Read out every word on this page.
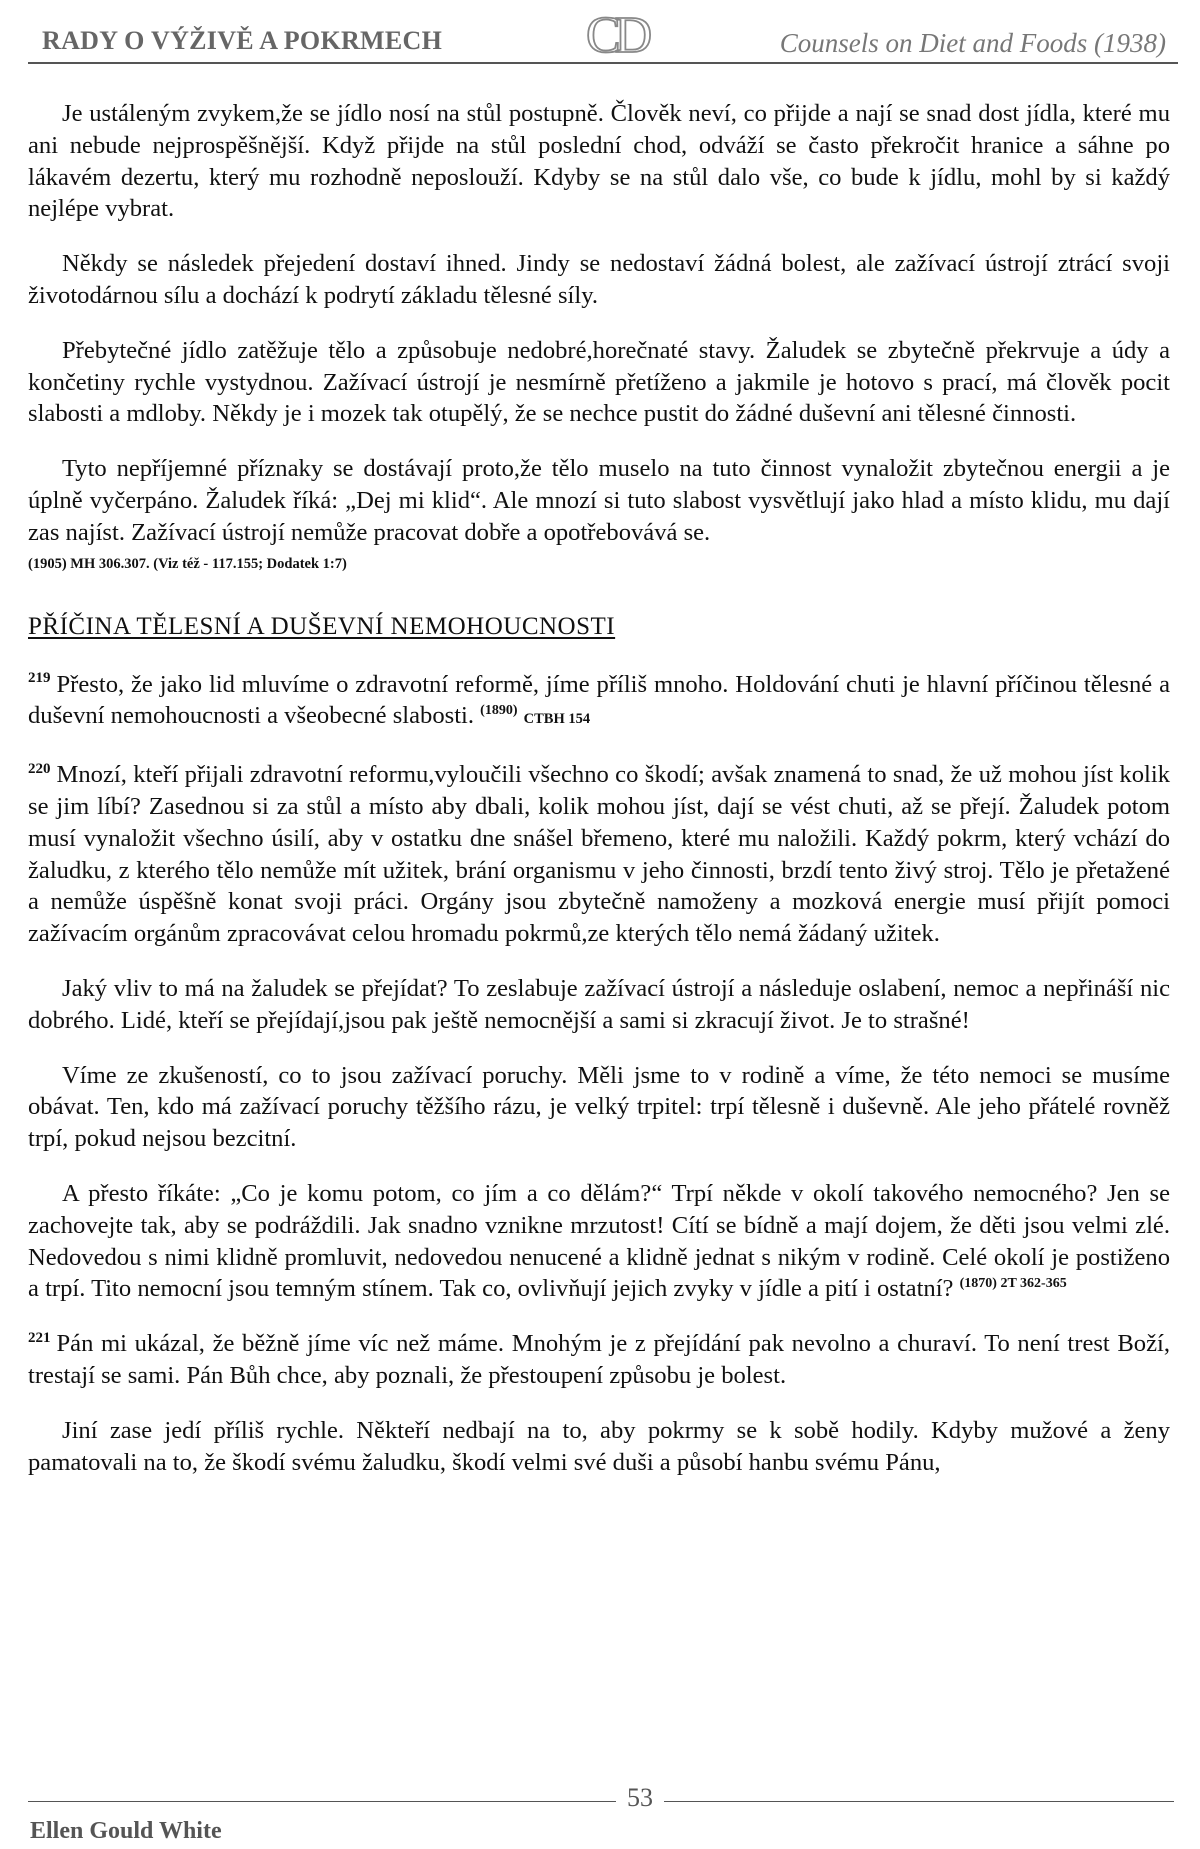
RADY O VÝŽIVĚ A POKRMECH	CD	Counsels on Diet and Foods (1938)

Je ustáleným zvykem,že se jídlo nosí na stůl postupně. Člověk neví, co přijde a nají se snad dost jídla, které mu ani nebude nejprospěšnější. Když přijde na stůl poslední chod, odváží se často překročit hranice a sáhne po lákavém dezertu, který mu rozhodně neposlouží. Kdyby se na stůl dalo vše, co bude k jídlu, mohl by si každý nejlépe vybrat.

Někdy se následek přejedení dostaví ihned. Jindy se nedostaví žádná bolest, ale zažívací ústrojí ztrácí svoji životodárnou sílu a dochází k podrytí základu tělesné síly.

Přebytečné jídlo zatěžuje tělo a způsobuje nedobré,horečnaté stavy. Žaludek se zbytečně překrvuje a údy a končetiny rychle vystydnou. Zažívací ústrojí je nesmírně přetíženo a jakmile je hotovo s prací, má člověk pocit slabosti a mdloby. Někdy je i mozek tak otupělý, že se nechce pustit do žádné duševní ani tělesné činnosti.

Tyto nepříjemné příznaky se dostávají proto,že tělo muselo na tuto činnost vynaložit zbytečnou energii a je úplně vyčerpáno. Žaludek říká: „Dej mi klid“. Ale mnozí si tuto slabost vysvětlují jako hlad a místo klidu, mu dají zas najíst. Zažívací ústrojí nemůže pracovat dobře a opotřebovává se.

(1905) MH 306.307. (Viz též - 117.155; Dodatek 1:7)
PŘÍČINA TĚLESNÍ A DUŠEVNÍ NEMOHOUCNOSTI

$^{219}$ Přesto, že jako lid mluvíme o zdravotní reformě, jíme příliš mnoho. Holdování chuti je hlavní příčinou tělesné a duševní nemohoucnosti a všeobecné slabosti. $^{(1890)}$ CTBH 154

$^{220}$ Mnozí, kteří přijali zdravotní reformu,vyloučili všechno co škodí; avšak znamená to snad, že už mohou jíst kolik se jim líbí? Zasednou si za stůl a místo aby dbali, kolik mohou jíst, dají se vést chuti, až se přejí. Žaludek potom musí vynaložit všechno úsilí, aby v ostatku dne snášel břemeno, které mu naložili. Každý pokrm, který vchází do žaludku, z kterého tělo nemůže mít užitek, brání organismu v jeho činnosti, brzdí tento živý stroj. Tělo je přetažené a nemůže úspěšně konat svoji práci. Orgány jsou zbytečně namoženy a mozková energie musí přijít pomoci zažívacím orgánům zpracovávat celou hromadu pokrmů,ze kterých tělo nemá žádaný užitek.

Jaký vliv to má na žaludek se přejídat? To zeslabuje zažívací ústrojí a následuje oslabení, nemoc a nepřináší nic dobrého. Lidé, kteří se přejídají,jsou pak ještě nemocnější a sami si zkracují život. Je to strašné!

Víme ze zkušeností, co to jsou zažívací poruchy. Měli jsme to v rodině a víme, že této nemoci se musíme obávat. Ten, kdo má zažívací poruchy těžšího rázu, je velký trpitel: trpí tělesně i duševně. Ale jeho přátelé rovněž trpí, pokud nejsou bezcitní.

A přesto říkáte: „Co je komu potom, co jím a co dělám?“ Trpí někde v okolí takového nemocného? Jen se zachovejte tak, aby se podráždili. Jak snadno vznikne mrzutost! Cítí se bídně a mají dojem, že děti jsou velmi zlé. Nedovedou s nimi klidně promluvit, nedovedou nenucené a klidně jednat s nikým v rodině. Celé okolí je postiženo a trpí. Tito nemocní jsou temným stínem. Tak co, ovlivňují jejich zvyky v jídle a pití i ostatní? $^{(1870) 2T 362-365}$

$^{221}$ Pán mi ukázal, že běžně jíme víc než máme. Mnohým je z přejídání pak nevolno a churaví. To není trest Boží, trestají se sami. Pán Bůh chce, aby poznali, že přestoupení způsobu je bolest.

Jiní zase jedí příliš rychle. Někteří nedbají na to, aby pokrmy se k sobě hodily. Kdyby mužové a ženy pamatovali na to, že škodí svému žaludku, škodí velmi své duši a působí hanbu svému Pánu,

53
Ellen Gould White
